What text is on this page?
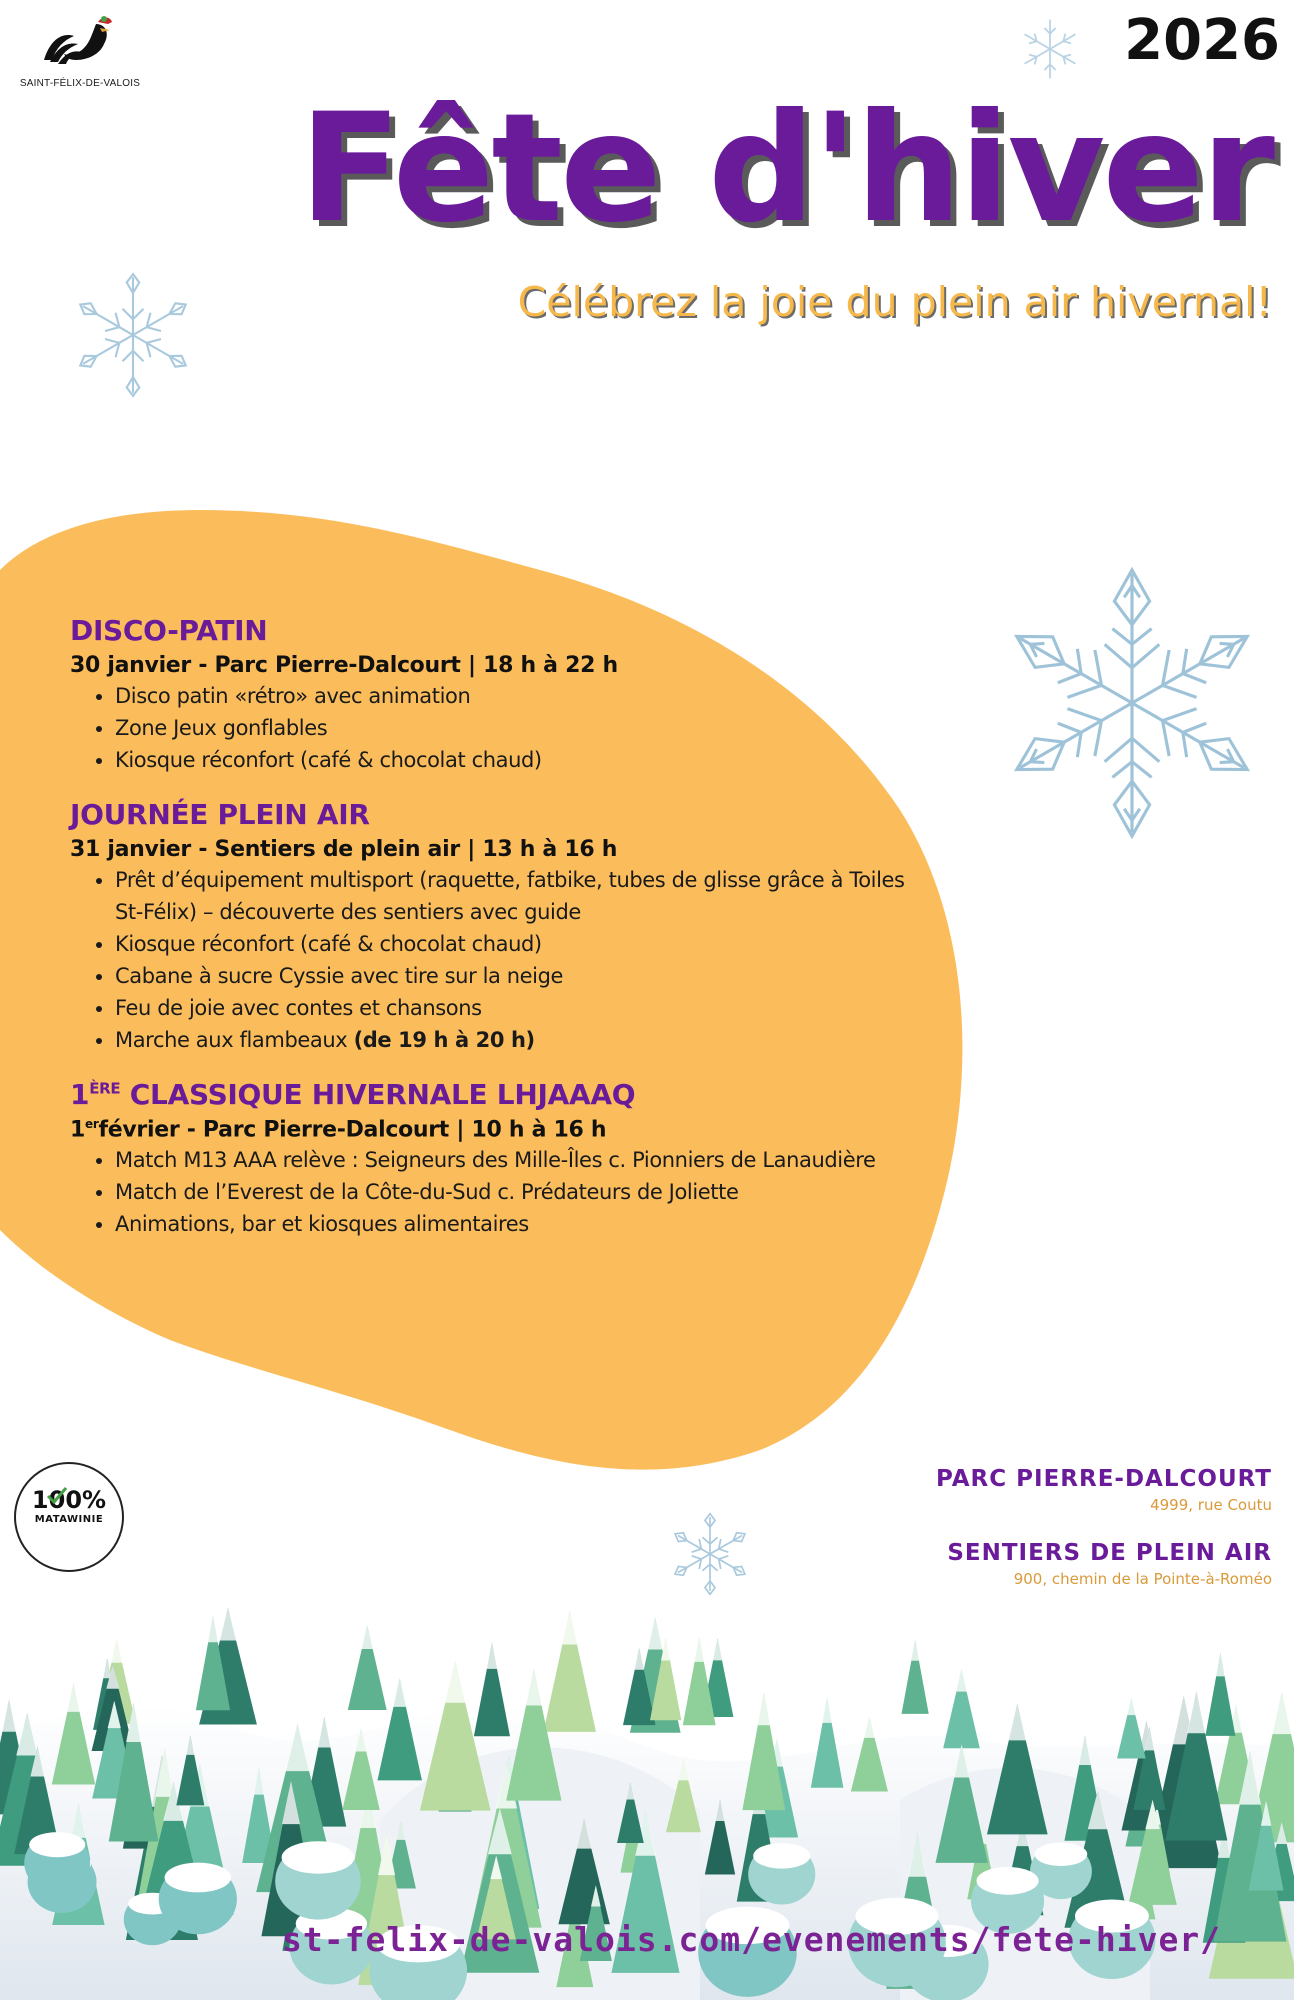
SAINT-FÉLIX-DE-VALOIS
2026
Fête d'hiver
Célébrez la joie du plein air hivernal!
DISCO-PATIN
30 janvier - Parc Pierre-Dalcourt | 18 h à 22 h
• Disco patin «rétro» avec animation
• Zone Jeux gonflables
• Kiosque réconfort (café & chocolat chaud)
JOURNÉE PLEIN AIR
31 janvier - Sentiers de plein air | 13 h à 16 h
• Prêt d’équipement multisport (raquette, fatbike, tubes de glisse grâce à Toiles St-Félix) – découverte des sentiers avec guide
• Kiosque réconfort (café & chocolat chaud)
• Cabane à sucre Cyssie avec tire sur la neige
• Feu de joie avec contes et chansons
• Marche aux flambeaux (de 19 h à 20 h)
1ÈRE CLASSIQUE HIVERNALE LHJAAAQ
1erfévrier - Parc Pierre-Dalcourt | 10 h à 16 h
• Match M13 AAA relève : Seigneurs des Mille-Îles c. Pionniers de Lanaudière
• Match de l’Everest de la Côte-du-Sud c. Prédateurs de Joliette
• Animations, bar et kiosques alimentaires
100%
MATAWINIE
PARC PIERRE-DALCOURT
4999, rue Coutu
SENTIERS DE PLEIN AIR
900, chemin de la Pointe-à-Roméo
st-felix-de-valois.com/evenements/fete-hiver/
